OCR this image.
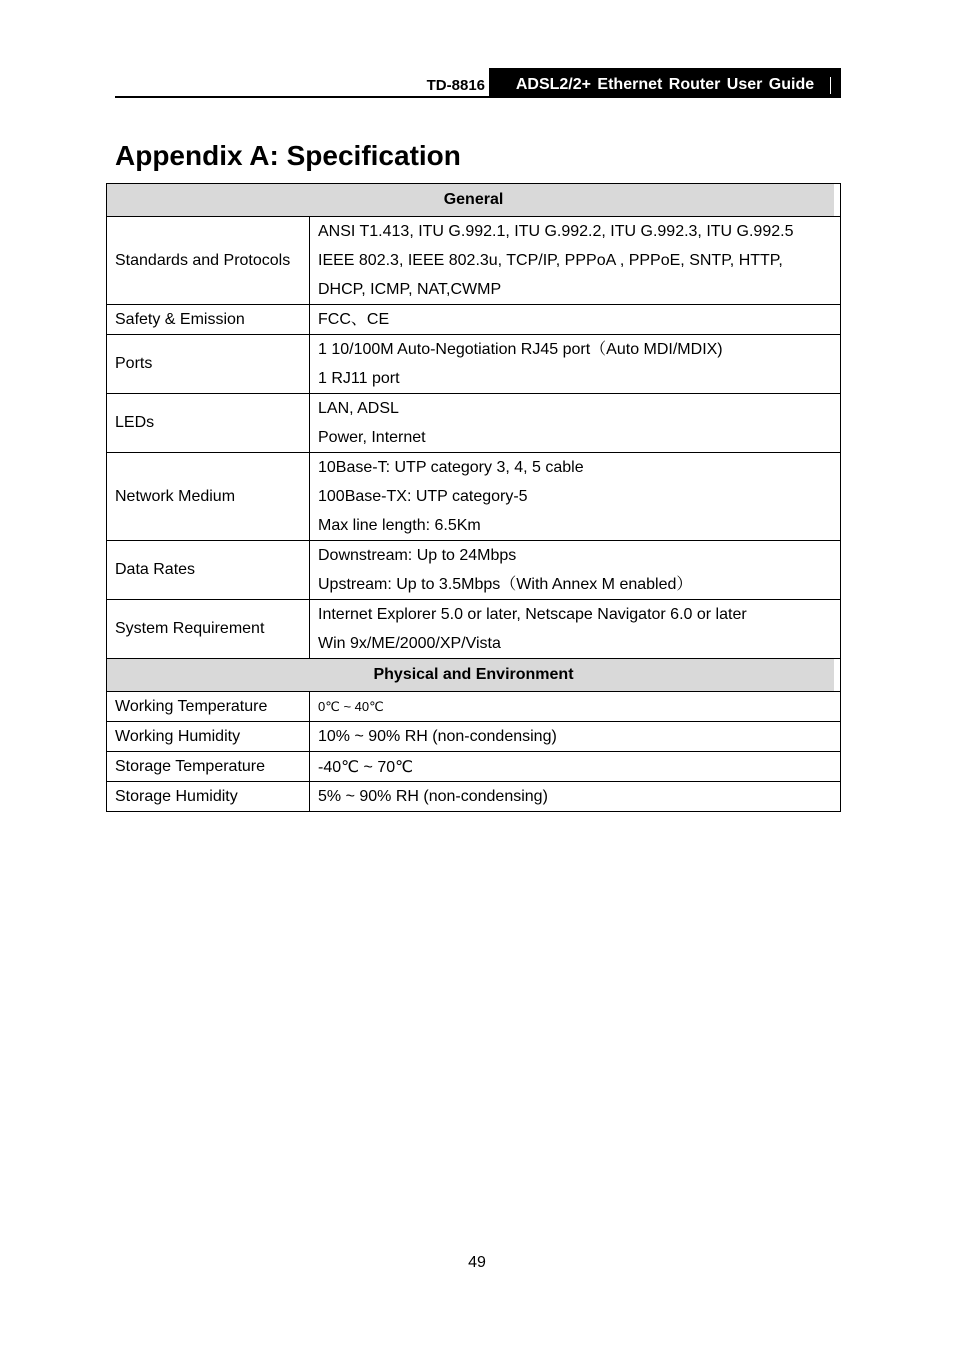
TD-8816	ADSL2/2+ Ethernet Router User Guide
Appendix A: Specification
General	
Standards and Protocols	ANSI T1.413, ITU G.992.1, ITU G.992.2, ITU G.992.3, ITU G.992.5
IEEE 802.3, IEEE 802.3u, TCP/IP, PPPoA , PPPoE, SNTP, HTTP,
DHCP, ICMP, NAT,CWMP

Safety & Emission	FCC、CE

Ports	1 10/100M Auto-Negotiation RJ45 port（Auto MDI/MDIX)
1 RJ11 port

LEDs	LAN, ADSL
Power, Internet

Network Medium	10Base-T: UTP category 3, 4, 5 cable
100Base-TX: UTP category-5
Max line length: 6.5Km

Data Rates	Downstream: Up to 24Mbps
Upstream: Up to 3.5Mbps（With Annex M enabled）

System Requirement	Internet Explorer 5.0 or later, Netscape Navigator 6.0 or later
Win 9x/ME/2000/XP/Vista

Physical and Environment	
Working Temperature	0℃ ~ 40℃
Working Humidity	10% ~ 90% RH (non-condensing)
Storage Temperature	-40℃ ~ 70℃
Storage Humidity	5% ~ 90% RH (non-condensing)
49
